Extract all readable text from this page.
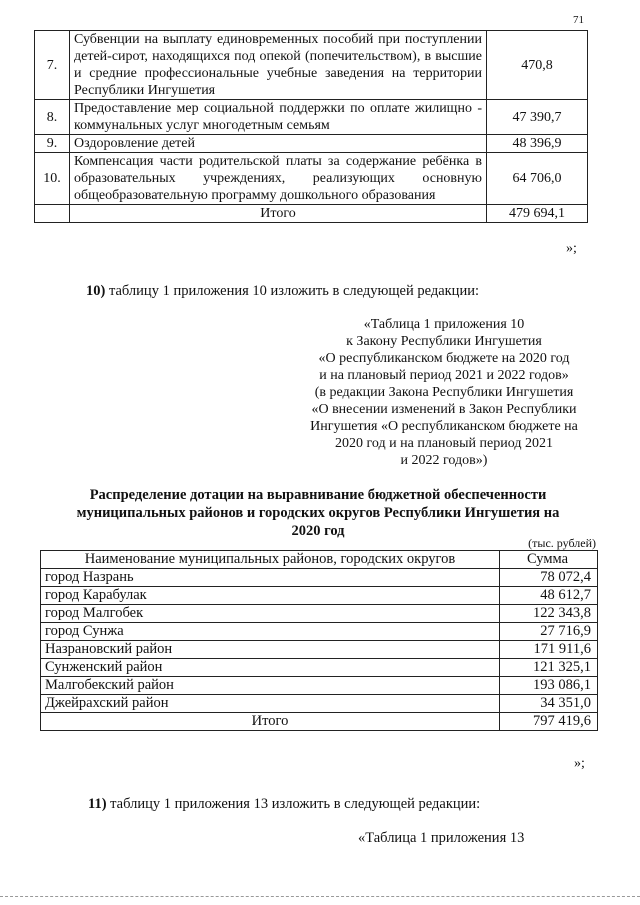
71
7.	Субвенции на выплату единовременных пособий при поступлении детей-сирот, находящихся под опекой (попечительством), в высшие и средние профессиональные учебные заведения на территории Республики Ингушетия	470,8
8.	Предоставление мер социальной поддержки по оплате жилищно - коммунальных услуг многодетным семьям	47 390,7
9.	Оздоровление детей	48 396,9
10.	Компенсация части родительской платы за содержание ребёнка в образовательных учреждениях, реализующих основную общеобразовательную программу дошкольного образования	64 706,0
	Итого	479 694,1
»;
10) таблицу 1 приложения 10 изложить в следующей редакции:
«Таблица 1 приложения 10
к Закону Республики Ингушетия
«О республиканском бюджете на 2020 год
и на плановый период 2021 и 2022 годов»
(в редакции Закона Республики Ингушетия
«О внесении изменений в Закон Республики
Ингушетия «О республиканском бюджете на
2020 год и на плановый период 2021
и 2022 годов»)
Распределение дотации на выравнивание бюджетной обеспеченности
муниципальных районов и городских округов Республики Ингушетия на
2020 год
(тыс. рублей)
Наименование муниципальных районов, городских округов	Сумма
город Назрань	78 072,4
город Карабулак	48 612,7
город Малгобек	122 343,8
город Сунжа	27 716,9
Назрановский район	171 911,6
Сунженский район	121 325,1
Малгобекский район	193 086,1
Джейрахский район	34 351,0
Итого	797 419,6
»;
11) таблицу 1 приложения 13 изложить в следующей редакции:
«Таблица 1 приложения 13
